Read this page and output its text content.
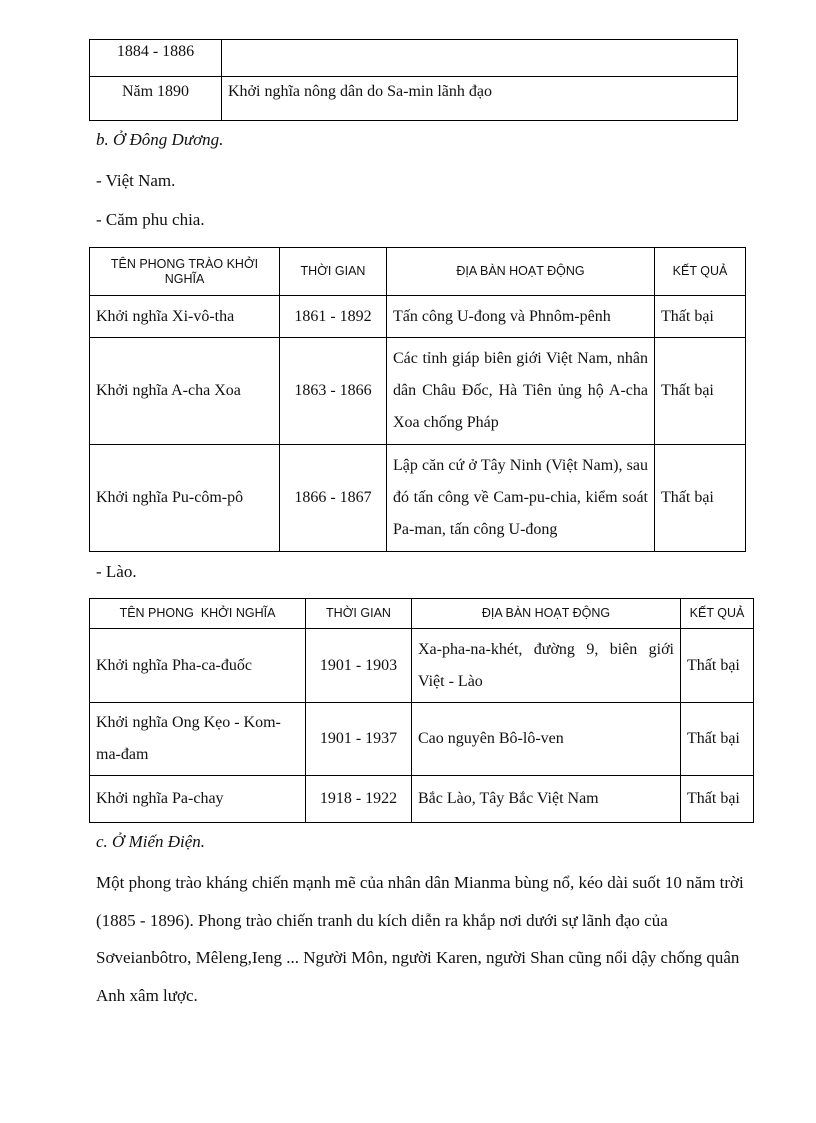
1884 - 1886	
Năm 1890	Khởi nghĩa nông dân do Sa-min lãnh đạo
b. Ở Đông Dương.
- Việt Nam.
- Căm phu chia.
TÊN PHONG TRÀO KHỞI NGHĨA	THỜI GIAN	ĐỊA BÀN HOẠT ĐỘNG	KẾT QUẢ
Khởi nghĩa Xi-vô-tha	1861 - 1892	Tấn công U-đong và Phnôm-pênh	Thất bại
Khởi nghĩa A-cha Xoa	1863 - 1866	Các tỉnh giáp biên giới Việt Nam, nhân dân Châu Đốc, Hà Tiên ủng hộ A-cha Xoa chống Pháp	Thất bại
Khởi nghĩa Pu-côm-pô	1866 - 1867	Lập căn cứ ở Tây Ninh (Việt Nam), sau đó tấn công về Cam-pu-chia, kiểm soát Pa-man, tấn công U-đong	Thất bại
- Lào.
TÊN PHONG  KHỞI NGHĨA	THỜI GIAN	ĐỊA BÀN HOẠT ĐỘNG	KẾT QUẢ
Khởi nghĩa Pha-ca-đuốc	1901 - 1903	Xa-pha-na-khét, đường 9, biên giới Việt - Lào	Thất bại
Khởi nghĩa Ong Kẹo - Kom-ma-đam	1901 - 1937	Cao nguyên Bô-lô-ven	Thất bại
Khởi nghĩa Pa-chay	1918 - 1922	Bắc Lào, Tây Bắc Việt Nam	Thất bại
c. Ở Miến Điện.
Một phong trào kháng chiến mạnh mẽ của nhân dân Mianma bùng nổ, kéo dài suốt 10 năm trời (1885 - 1896). Phong trào chiến tranh du kích diễn ra khắp nơi dưới sự lãnh đạo của Sơveianbôtro, Mêleng,Ieng ... Người Môn, người Karen, người Shan cũng nổi dậy chống quân Anh xâm lược.
